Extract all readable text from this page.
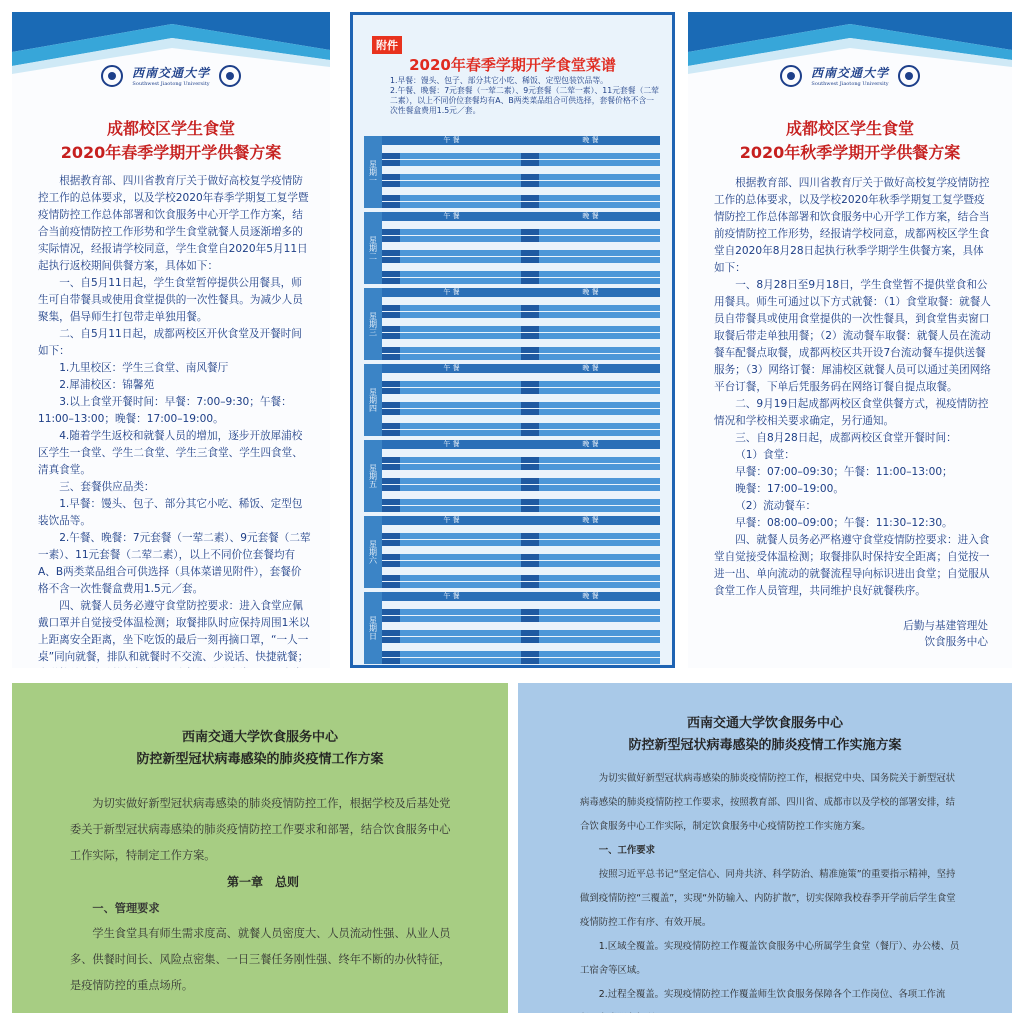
西南交通大学
Southwest Jiaotong University

成都校区学生食堂

2020年春季学期开学供餐方案

根据教育部、四川省教育厅关于做好高校复学疫情防控工作的总体要求，以及学校2020年春季学期复工复学暨疫情防控工作总体部署和饮食服务中心开学工作方案，结合当前疫情防控工作形势和学生食堂就餐人员逐渐增多的实际情况，经报请学校同意，学生食堂自2020年5月11日起执行返校期间供餐方案，具体如下：

一、自5月11日起，学生食堂暂停提供公用餐具，师生可自带餐具或使用食堂提供的一次性餐具。为减少人员聚集，倡导师生打包带走单独用餐。

二、自5月11日起，成都两校区开伙食堂及开餐时间如下：

1.九里校区：学生三食堂、南风餐厅

2.犀浦校区：锦馨苑

3.以上食堂开餐时间：早餐：7:00–9:30；午餐：11:00–13:00；晚餐：17:00–19:00。

4.随着学生返校和就餐人员的增加，逐步开放犀浦校区学生一食堂、学生二食堂、学生三食堂、学生四食堂、清真食堂。

三、套餐供应品类：

1.早餐：馒头、包子、部分其它小吃、稀饭、定型包装饮品等。

2.午餐、晚餐：7元套餐（一荤二素）、9元套餐（二荤一素）、11元套餐（二荤二素），以上不同价位套餐均有A、B两类菜品组合可供选择（具体菜谱见附件），套餐价格不含一次性餐盒费用1.5元／套。

四、就餐人员务必遵守食堂防控要求：进入食堂应佩戴口罩并自觉接受体温检测；取餐排队时应保持周围1米以上距离安全距离，坐下吃饭的最后一刻再摘口罩，“一人一桌”同向就餐，排队和就餐时不交流、少说话、快捷就餐；

附件
2020年春季学期开学食堂菜谱

1.早餐：馒头、包子、部分其它小吃、稀饭、定型包装饮品等。

2.午餐、晚餐：7元套餐（一荤二素）、9元套餐（二荤一素）、11元套餐（二荤二素），以上不同价位套餐均有A、B两类菜品组合可供选择，套餐价格不含一次性餐盒费用1.5元／套。

星期一
午 餐	晚 餐
星期二
午 餐	晚 餐
星期三
午 餐	晚 餐
星期四
午 餐	晚 餐
星期五
午 餐	晚 餐
星期六
午 餐	晚 餐
星期日
午 餐	晚 餐
西南交通大学
Southwest Jiaotong University

成都校区学生食堂

2020年秋季学期开学供餐方案

根据教育部、四川省教育厅关于做好高校复学疫情防控工作的总体要求，以及学校2020年秋季学期复工复学暨疫情防控工作总体部署和饮食服务中心开学工作方案，结合当前疫情防控工作形势，经报请学校同意，成都两校区学生食堂自2020年8月28日起执行秋季学期学生供餐方案，具体如下：

一、8月28日至9月18日，学生食堂暂不提供堂食和公用餐具。师生可通过以下方式就餐：（1）食堂取餐：就餐人员自带餐具或使用食堂提供的一次性餐具，到食堂售卖窗口取餐后带走单独用餐；（2）流动餐车取餐：就餐人员在流动餐车配餐点取餐，成都两校区共开设7台流动餐车提供送餐服务；（3）网络订餐：犀浦校区就餐人员可以通过美团网络平台订餐，下单后凭服务码在网络订餐自提点取餐。

二、9月19日起成都两校区食堂供餐方式，视疫情防控情况和学校相关要求确定，另行通知。

三、自8月28日起，成都两校区食堂开餐时间：

（1）食堂：

早餐：07:00–09:30；午餐：11:00–13:00；

晚餐：17:00–19:00。

（2）流动餐车：

早餐：08:00–09:00；午餐：11:30–12:30。

四、就餐人员务必严格遵守食堂疫情防控要求：进入食堂自觉接受体温检测；取餐排队时保持安全距离；自觉按一进一出、单向流动的就餐流程导向标识进出食堂；自觉服从食堂工作人员管理，共同维护良好就餐秩序。

后勤与基建管理处
饮食服务中心

西南交通大学饮食服务中心

防控新型冠状病毒感染的肺炎疫情工作方案

为切实做好新型冠状病毒感染的肺炎疫情防控工作，根据学校及后基处党委关于新型冠状病毒感染的肺炎疫情防控工作要求和部署，结合饮食服务中心工作实际，特制定工作方案。

第一章　总则

一、管理要求

学生食堂具有师生需求度高、就餐人员密度大、人员流动性强、从业人员多、供餐时间长、风险点密集、一日三餐任务刚性强、终年不断的办伙特征，是疫情防控的重点场所。

西南交通大学饮食服务中心

防控新型冠状病毒感染的肺炎疫情工作实施方案

为切实做好新型冠状病毒感染的肺炎疫情防控工作，根据党中央、国务院关于新型冠状病毒感染的肺炎疫情防控工作要求，按照教育部、四川省、成都市以及学校的部署安排，结合饮食服务中心工作实际，制定饮食服务中心疫情防控工作实施方案。

一、工作要求

按照习近平总书记“坚定信心、同舟共济、科学防治、精准施策”的重要指示精神，坚持做到疫情防控“三覆盖”，实现“外防输入、内防扩散”，切实保障我校春季开学前后学生食堂疫情防控工作有序、有效开展。

1.区域全覆盖。实现疫情防控工作覆盖饮食服务中心所属学生食堂（餐厅）、办公楼、员工宿舍等区域。

2.过程全覆盖。实现疫情防控工作覆盖师生饮食服务保障各个工作岗位、各项工作流
